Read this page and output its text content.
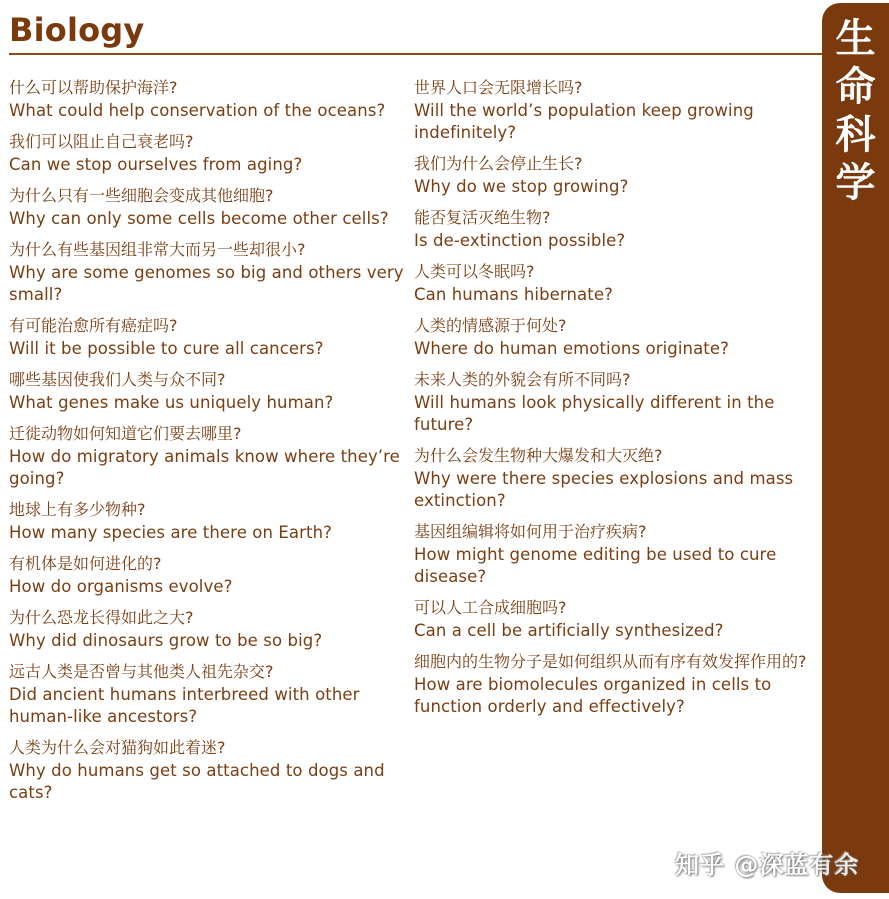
Biology	生
命
科
学
什么可以帮助保护海洋?
What could help conservation of the oceans?
我们可以阻止自己衰老吗?
Can we stop ourselves from aging?
为什么只有一些细胞会变成其他细胞?
Why can only some cells become other cells?
为什么有些基因组非常大而另一些却很小?
Why are some genomes so big and others very small?
有可能治愈所有癌症吗?
Will it be possible to cure all cancers?
哪些基因使我们人类与众不同?
What genes make us uniquely human?
迁徙动物如何知道它们要去哪里?
How do migratory animals know where they’re going?
地球上有多少物种?
How many species are there on Earth?
有机体是如何进化的?
How do organisms evolve?
为什么恐龙长得如此之大?
Why did dinosaurs grow to be so big?
远古人类是否曾与其他类人祖先杂交?
Did ancient humans interbreed with other human-like ancestors?
人类为什么会对猫狗如此着迷?
Why do humans get so attached to dogs and cats?
世界人口会无限增长吗?
Will the world’s population keep growing indefinitely?
我们为什么会停止生长?
Why do we stop growing?
能否复活灭绝生物?
Is de-extinction possible?
人类可以冬眠吗?
Can humans hibernate?
人类的情感源于何处?
Where do human emotions originate?
未来人类的外貌会有所不同吗?
Will humans look physically different in the future?
为什么会发生物种大爆发和大灭绝?
Why were there species explosions and mass extinction?
基因组编辑将如何用于治疗疾病?
How might genome editing be used to cure disease?
可以人工合成细胞吗?
Can a cell be artificially synthesized?
细胞内的生物分子是如何组织从而有序有效发挥作用的?
How are biomolecules organized in cells to function orderly and effectively?
知乎 @深蓝有余
